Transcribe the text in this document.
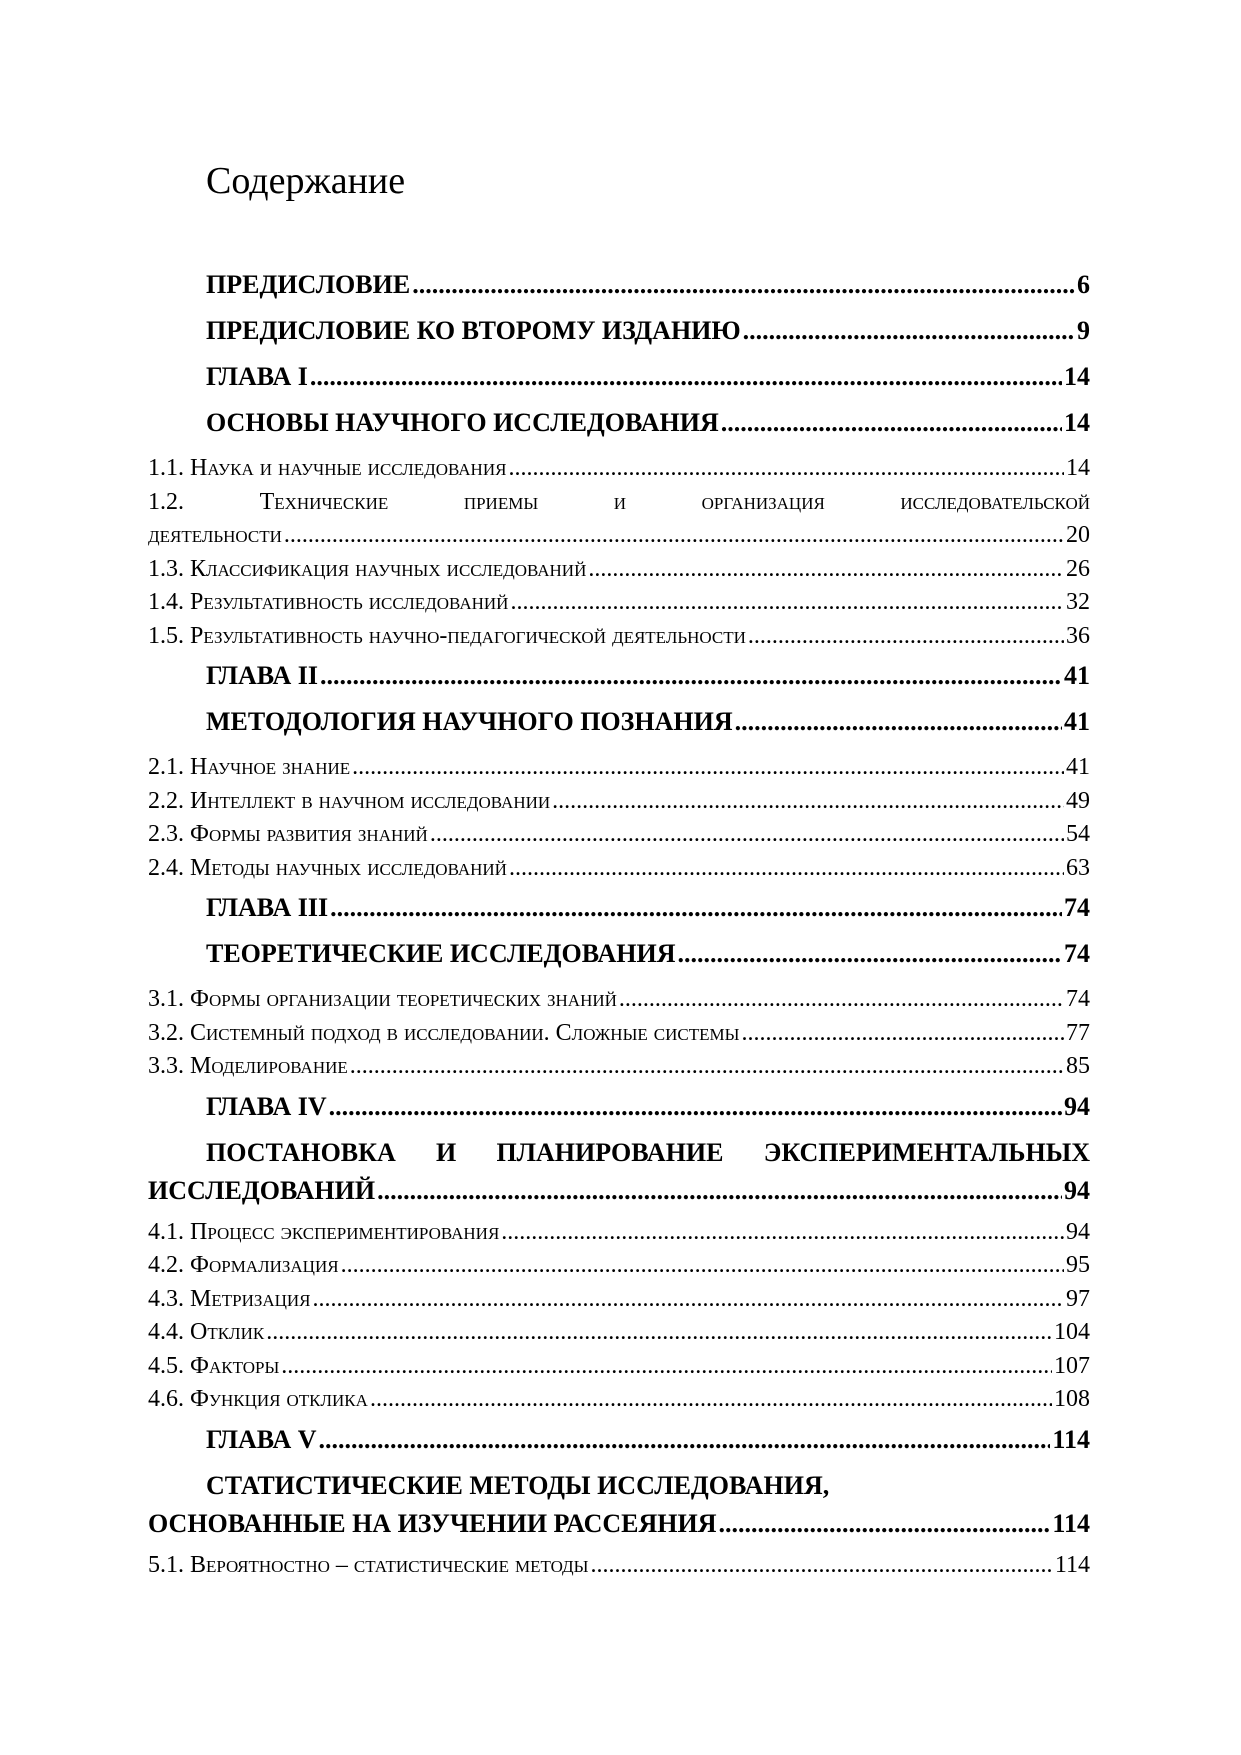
Содержание
ПРЕДИСЛОВИЕ .....	6
ПРЕДИСЛОВИЕ КО ВТОРОМУ ИЗДАНИЮ .....	9
ГЛАВА I .....	14
ОСНОВЫ НАУЧНОГО ИССЛЕДОВАНИЯ .....	14
1.1. Наука и научные исследования .....	14
1.2.	Технические	приемы	и	организация	исследовательской
деятельности .....	20
1.3. Классификация научных исследований .....	26
1.4. Результативность исследований .....	32
1.5. Результативность научно-педагогической деятельности .....	36
ГЛАВА II .....	41
МЕТОДОЛОГИЯ НАУЧНОГО ПОЗНАНИЯ .....	41
2.1. Научное знание .....	41
2.2. Интеллект в научном исследовании .....	49
2.3. Формы развития знаний .....	54
2.4. Методы научных исследований .....	63
ГЛАВА III .....	74
ТЕОРЕТИЧЕСКИЕ ИССЛЕДОВАНИЯ .....	74
3.1. Формы организации теоретических знаний .....	74
3.2. Системный подход в исследовании. Сложные системы .....	77
3.3. Моделирование .....	85
ГЛАВА IV .....	94
ПОСТАНОВКА И ПЛАНИРОВАНИЕ ЭКСПЕРИМЕНТАЛЬНЫХ
ИССЛЕДОВАНИЙ .....	94
4.1. Процесс экспериментирования .....	94
4.2. Формализация .....	95
4.3. Метризация .....	97
4.4. Отклик .....	104
4.5. Факторы .....	107
4.6. Функция отклика .....	108
ГЛАВА V .....	114
СТАТИСТИЧЕСКИЕ МЕТОДЫ ИССЛЕДОВАНИЯ,
ОСНОВАННЫЕ НА ИЗУЧЕНИИ РАССЕЯНИЯ .....	114
5.1. Вероятностно – статистические методы .....	114
